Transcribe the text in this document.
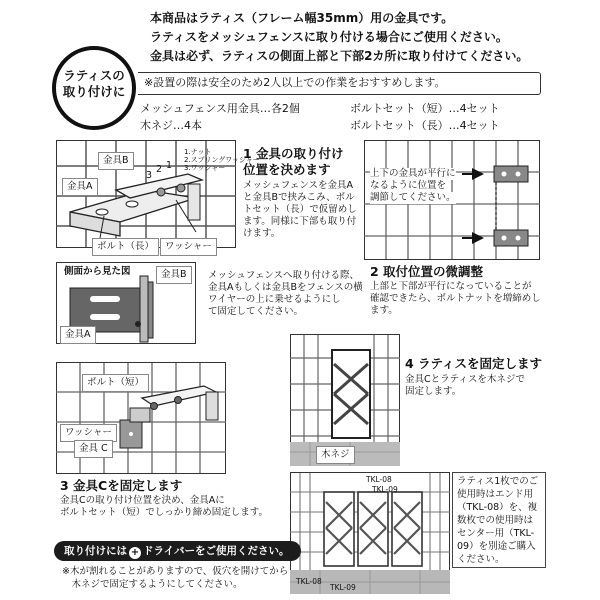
本商品はラティス（フレーム幅35mm）用の金具です。
ラティスをメッシュフェンスに取り付ける場合にご使用ください。
金具は必ず、ラティスの側面上部と下部2カ所に取り付けてください。
ラティスの
取り付けに
※設置の際は安全のため2人以上での作業をおすすめします。
メッシュフェンス用金具…各2個	ボルトセット（短）…4セット
木ネジ…4本	ボルトセット（長）…4セット
金具B
金具A
ボルト（長）	ワッシャー
3
2 1
1.ナット
2.スプリングワッシャー
3.ワッシャー
1 金具の取り付け
位置を決めます
メッシュフェンスを金具A
と金具Bで挟みこみ、ボル
トセット（長）で仮留めし
ます。同様に下部も取り付
けます。
側面から見た図	金具B
金具A
メッシュフェンスへ取り付ける際、
金具Aもしくは金具Bをフェンスの横
ワイヤーの上に乗せるようにし
て固定してください。
上下の金具が平行に
なるように位置を
調節してください。
2 取付位置の微調整
上部と下部が平行になっていることが
確認できたら、ボルトナットを増締めし
ます。
ボルト（短）
ワッシャー
金具 C
3 金具Cを固定します
金具Cの取り付け位置を決め、金具Aに
ボルトセット（短）でしっかり締め固定します。
4 ラティスを固定します
金具Cとラティスを木ネジで
固定します。
木ネジ
TKL-08
TKL-09
TKL-08
TKL-09
ラティス1枚でのご
使用時はエンド用
（TKL-08）を、複
数枚での使用時は
センター用（TKL-
09）を別途ご購入
ください。
取り付けには + ドライバーをご使用ください。
※木が割れることがありますので、仮穴を開けてから
　木ネジで固定するようにしてください。
